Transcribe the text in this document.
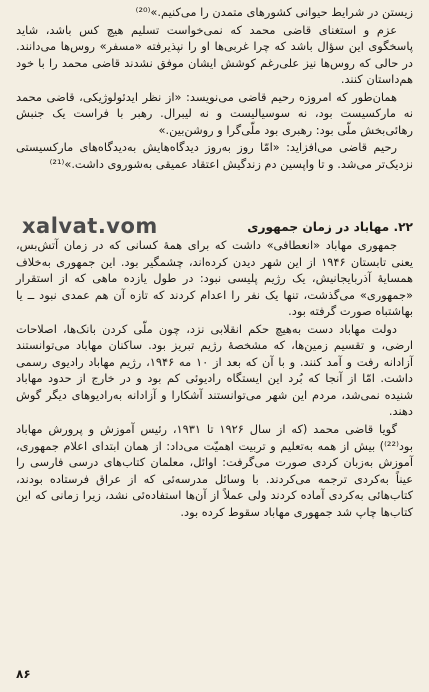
زیستن در شرایط حیوانی کشورهای متمدن را می‌کنیم.»⁽²⁰⁾

عزم و استغنای قاضی محمد که نمی‌خواست تسلیم هیچ کس باشد، شاید پاسخگوی این سؤال باشد که چرا غربی‌ها او را نپذیرفته «مسفر» روس‌ها می‌دانند. در حالی که روس‌ها نیز علی‌رغم کوشش ایشان موفق نشدند قاضی محمد را با خود هم‌داستان کنند.

همان‌طور که امروزه رحیم قاضی می‌نویسد: «از نظر ایدئولوژیکی، قاضی محمد نه مارکسیست بود، نه سوسیالیست و نه لیبرال. رهبر با فراست یک جنبش رهائی‌بخش ملّی بود: رهبری بود ملّی‌گرا و روشن‌بین.»

رحیم قاضی می‌افزاید: «امّا روز به‌روز دیدگاه‌هایش به‌دیدگاه‌های مارکسیستی نزدیک‌تر می‌شد. و تا واپسین دم زندگیش اعتقاد عمیقی به‌شوروی داشت.»⁽²¹⁾

۲۲. مهاباد در زمان جمهوری

جمهوری مهاباد «انعطافی» داشت که برای همهٔ کسانی که در زمان آتش‌بس، یعنی تابستان ۱۹۴۶ از این شهر دیدن کرده‌اند، چشمگیر بود. این جمهوری به‌خلاف همسایهٔ آذربایجانیش، یک رژیم پلیسی نبود: در طول یازده ماهی که از استقرار «جمهوری» می‌گذشت، تنها یک نفر را اعدام کردند که تازه آن هم عمدی نبود ــ یا بهاشتباه صورت گرفته بود.

دولت مهاباد دست به‌هیچ حکم انقلابی نزد، چون ملّی کردن بانک‌ها، اصلاحات ارضی، و تقسیم زمین‌ها، که مشخصهٔ رژیم تبریز بود. ساکنان مهاباد می‌توانستند آزادانه رفت و آمد کنند. و با آن که بعد از ۱۰ مه ۱۹۴۶، رژیم مهاباد رادیوی رسمی داشت. امّا از آنجا که بُرد این ایستگاه رادیوئی کم بود و در خارج از حدود مهاباد شنیده نمی‌شد، مردم این شهر می‌توانستند آشکارا و آزادانه به‌رادیوهای دیگر گوش دهند.

گویا قاضی محمد (که از سال ۱۹۲۶ تا ۱۹۳۱، رئیس آموزش و پرورش مهاباد بود⁽²²⁾) بیش از همه به‌تعلیم و تربیت اهمیّت می‌داد: از همان ابتدای اعلام جمهوری، آموزش به‌زبان کردی صورت می‌گرفت: اوائل، معلمان کتاب‌های درسی فارسی را عیناً به‌کردی ترجمه می‌کردند. با وسائل مدرسه‌ئی که از عراق فرستاده بودند، کتاب‌هائی به‌کردی آماده کردند ولی عملاً از آن‌ها استفاده‌ئی نشد، زیرا زمانی که این کتاب‌ها چاپ شد جمهوری مهاباد سقوط کرده بود.

xalvat.vom
۸۶
